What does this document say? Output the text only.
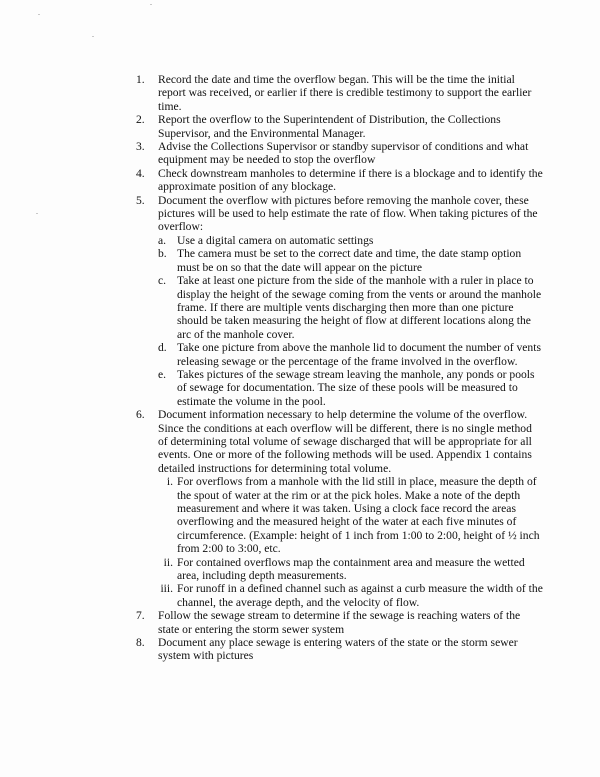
1.	Record the date and time the overflow began. This will be the time the initial report was received, or earlier if there is credible testimony to support the earlier time.
2.	Report the overflow to the Superintendent of Distribution, the Collections Supervisor, and the Environmental Manager.
3.	Advise the Collections Supervisor or standby supervisor of conditions and what equipment may be needed to stop the overflow
4.	Check downstream manholes to determine if there is a blockage and to identify the approximate position of any blockage.
5.	Document the overflow with pictures before removing the manhole cover, these pictures will be used to help estimate the rate of flow. When taking pictures of the overflow:
a. Use a digital camera on automatic settings
b. The camera must be set to the correct date and time, the date stamp option must be on so that the date will appear on the picture
c. Take at least one picture from the side of the manhole with a ruler in place to display the height of the sewage coming from the vents or around the manhole frame. If there are multiple vents discharging then more than one picture should be taken measuring the height of flow at different locations along the arc of the manhole cover.
d. Take one picture from above the manhole lid to document the number of vents releasing sewage or the percentage of the frame involved in the overflow.
e. Takes pictures of the sewage stream leaving the manhole, any ponds or pools of sewage for documentation. The size of these pools will be measured to estimate the volume in the pool.
6.	Document information necessary to help determine the volume of the overflow. Since the conditions at each overflow will be different, there is no single method of determining total volume of sewage discharged that will be appropriate for all events. One or more of the following methods will be used. Appendix 1 contains detailed instructions for determining total volume.
i. For overflows from a manhole with the lid still in place, measure the depth of the spout of water at the rim or at the pick holes. Make a note of the depth measurement and where it was taken. Using a clock face record the areas overflowing and the measured height of the water at each five minutes of circumference. (Example: height of 1 inch from 1:00 to 2:00, height of ½ inch from 2:00 to 3:00, etc.
ii. For contained overflows map the containment area and measure the wetted area, including depth measurements.
iii. For runoff in a defined channel such as against a curb measure the width of the channel, the average depth, and the velocity of flow.
7.	Follow the sewage stream to determine if the sewage is reaching waters of the state or entering the storm sewer system
8.	Document any place sewage is entering waters of the state or the storm sewer system with pictures
